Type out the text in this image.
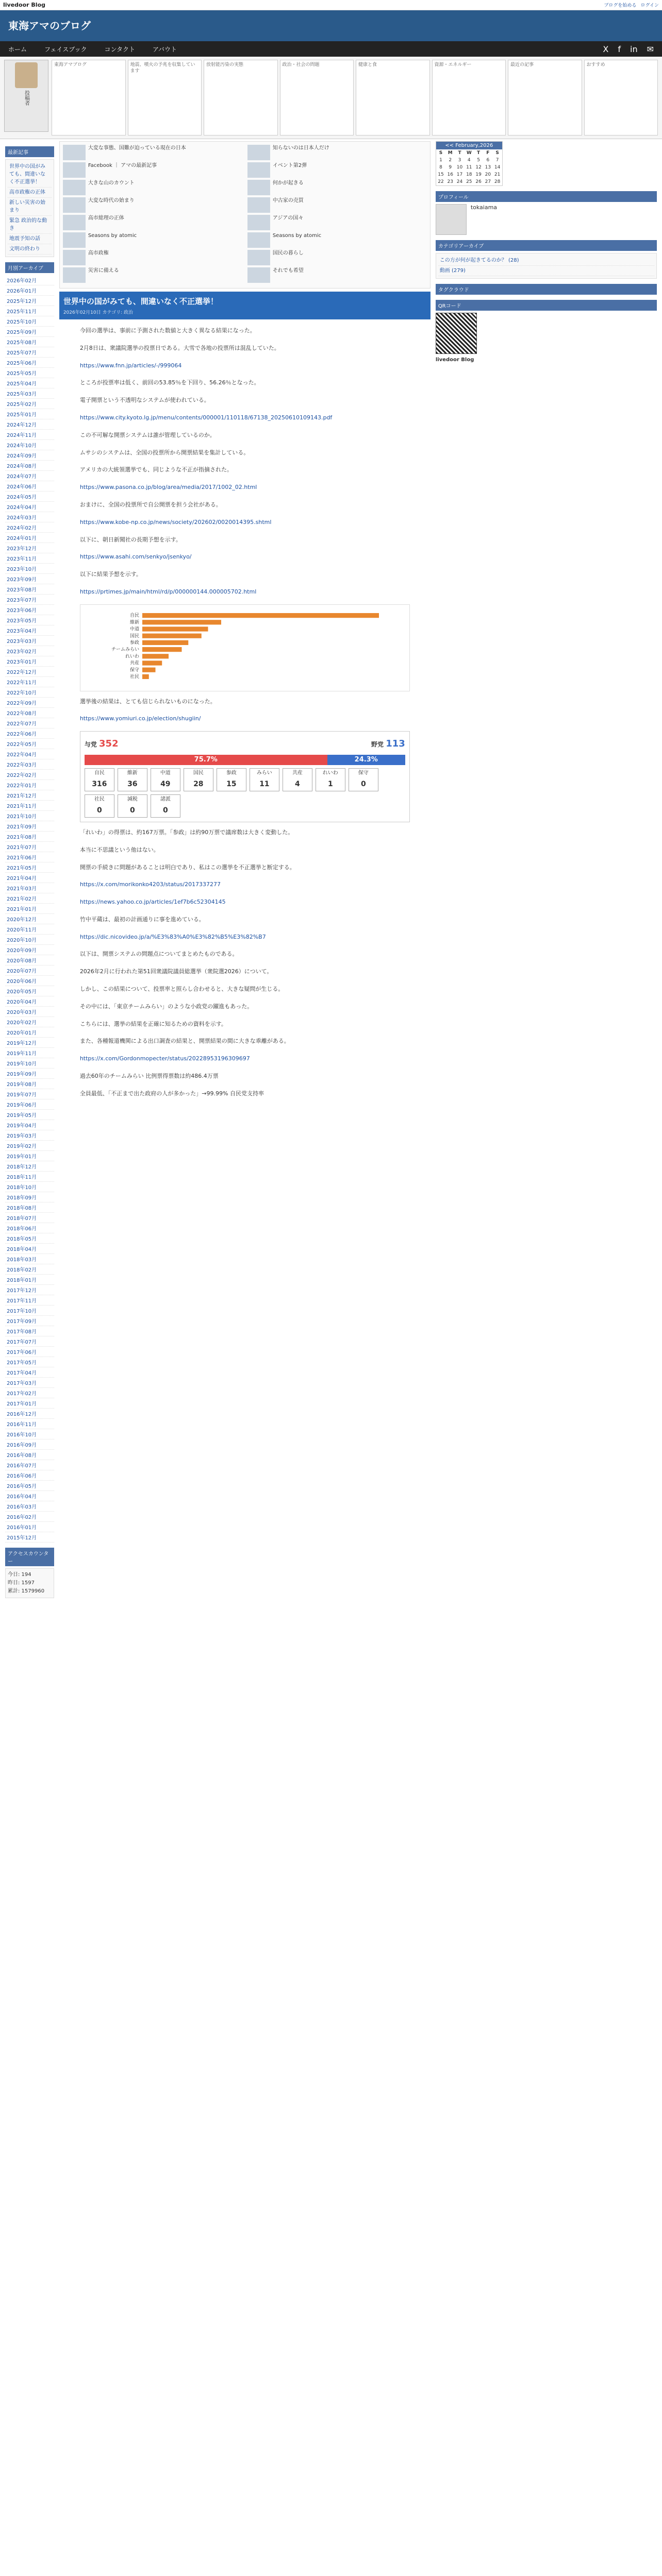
livedoor Blog	ブログを始める ログイン
東海アマのブログ
ホーム	フェイスブック	コンタクト	アバウト	X f in ✉
投稿者
東海アマブログ	地震、噴火の予兆を収集しています
放射能汚染の実態	政治・社会の問題	健康と食	資源・エネルギー	最近の記事	おすすめ
最新記事
世界中の国がみても、間違いなく不正選挙！
高市政権の正体
新しい災害の始まり
緊急 政治的な動き
地震予知の話
文明の終わり
月別アーカイブ
2026年02月
2026年01月
2025年12月
2025年11月
2025年10月
2025年09月
2025年08月
2025年07月
2025年06月
2025年05月
2025年04月
2025年03月
2025年02月
2025年01月
2024年12月
2024年11月
2024年10月
2024年09月
2024年08月
2024年07月
2024年06月
2024年05月
2024年04月
2024年03月
2024年02月
2024年01月
2023年12月
2023年11月
2023年10月
2023年09月
2023年08月
2023年07月
2023年06月
2023年05月
2023年04月
2023年03月
2023年02月
2023年01月
2022年12月
2022年11月
2022年10月
2022年09月
2022年08月
2022年07月
2022年06月
2022年05月
2022年04月
2022年03月
2022年02月
2022年01月
2021年12月
2021年11月
2021年10月
2021年09月
2021年08月
2021年07月
2021年06月
2021年05月
2021年04月
2021年03月
2021年02月
2021年01月
2020年12月
2020年11月
2020年10月
2020年09月
2020年08月
2020年07月
2020年06月
2020年05月
2020年04月
2020年03月
2020年02月
2020年01月
2019年12月
2019年11月
2019年10月
2019年09月
2019年08月
2019年07月
2019年06月
2019年05月
2019年04月
2019年03月
2019年02月
2019年01月
2018年12月
2018年11月
2018年10月
2018年09月
2018年08月
2018年07月
2018年06月
2018年05月
2018年04月
2018年03月
2018年02月
2018年01月
2017年12月
2017年11月
2017年10月
2017年09月
2017年08月
2017年07月
2017年06月
2017年05月
2017年04月
2017年03月
2017年02月
2017年01月
2016年12月
2016年11月
2016年10月
2016年09月
2016年08月
2016年07月
2016年06月
2016年05月
2016年04月
2016年03月
2016年02月
2016年01月
2015年12月
アクセスカウンター
今日: 194
昨日: 1597
累計: 1579960
大変な事態、国難が迫っている現在の日本
Facebook ｜ アマの最新記事
大きな山のカウント
大変な時代の始まり
高市総理の正体
Seasons by atomic
高市政権
災害に備える
知らないのは日本人だけ
イベント第2弾
何かが起きる
中古家の売買
アジアの国々
Seasons by atomic
国民の暮らし
それでも希望
世界中の国がみても、間違いなく不正選挙！
2026年02月10日 カテゴリ: 政治

今回の選挙は、事前に予測された数値と大きく異なる結果になった。

2月8日は、衆議院選挙の投票日である。大雪で各地の投票所は混乱していた。

https://www.fnn.jp/articles/-/999064

ところが投票率は低く、前回の53.85％を下回り、56.26％となった。

電子開票という不透明なシステムが使われている。

https://www.city.kyoto.lg.jp/menu/contents/000001/110118/67138_20250610109143.pdf

この不可解な開票システムは誰が管理しているのか。

ムサシのシステムは、全国の投票所から開票結果を集計している。

アメリカの大統領選挙でも、同じような不正が指摘された。

https://www.pasona.co.jp/blog/area/media/2017/1002_02.html

おまけに、全国の投票所で自公開票を担う会社がある。

https://www.kobe-np.co.jp/news/society/202602/0020014395.shtml

以下に、朝日新聞社の長期予想を示す。

https://www.asahi.com/senkyo/jsenkyo/

以下に結果予想を示す。

https://prtimes.jp/main/html/rd/p/000000144.000005702.html

自民
維新
中道
国民
参政
チームみらい
れいわ
共産
保守
社民

選挙後の結果は、とても信じられないものになった。

https://www.yomiuri.co.jp/election/shugiin/

与党 352	野党 113
75.7%	24.3%
自民
316
維新
36
中道
49
国民
28
参政
15
みらい
11
共産
4
れいわ
1
保守
0
社民
0
減税
0
諸派
0

「れいわ」の得票は、約167万票。「参政」は約90万票で議席数は大きく変動した。

本当に不思議という他はない。

開票の手続きに問題があることは明白であり、私はこの選挙を不正選挙と断定する。

https://x.com/morikonko4203/status/2017337277

https://news.yahoo.co.jp/articles/1ef7b6c52304145

竹中平蔵は、最初の計画通りに事を進めている。

https://dic.nicovideo.jp/a/%E3%83%A0%E3%82%B5%E3%82%B7

以下は、開票システムの問題点についてまとめたものである。

2026年2月に行われた第51回衆議院議員総選挙（衆院選2026）について。

しかし、この結果について、投票率と照らし合わせると、大きな疑問が生じる。

その中には、「東京チームみらい」のような小政党の躍進もあった。

こちらには、選挙の結果を正確に知るための資料を示す。

また、各種報道機関による出口調査の結果と、開票結果の間に大きな乖離がある。

https://x.com/Gordonmopecter/status/20228953196309697

過去60年のチームみらい 比例票得票数は約486.4万票

全員最低、「不正まで出た政府の人が多かった」→99.99% 自民党支持率

<< February,2026
S	M	T	W	T	F	S
1	2	3	4	5	6	7
8	9	10	11	12	13	14
15	16	17	18	19	20	21
22	23	24	25	26	27	28
プロフィール
tokaiama
カテゴリアーカイブ
この方が何が起きてるのか？ (28)
動画 (279)
タグクラウド
QRコード
livedoor Blog
